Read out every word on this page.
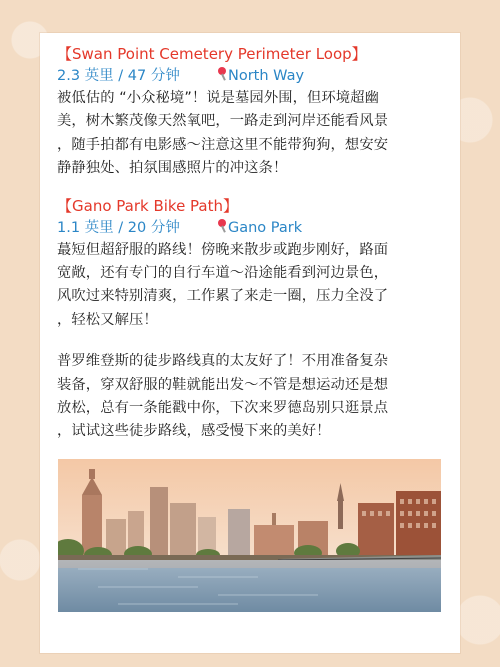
【Swan Point Cemetery Perimeter Loop】

2.3 英里 / 47 分钟	North Way

被低估的 “小众秘境”！说是墓园外围，但环境超幽
美，树木繁茂像天然氧吧，一路走到河岸还能看风景
，随手拍都有电影感～注意这里不能带狗狗，想安安
静静独处、拍氛围感照片的冲这条！

【Gano Park Bike Path】

1.1 英里 / 20 分钟	Gano Park

蕞短但超舒服的路线！傍晚来散步或跑步刚好，路面
宽敞，还有专门的自行车道～沿途能看到河边景色，
风吹过来特别清爽，工作累了来走一圈，压力全没了
，轻松又解压！

普罗维登斯的徒步路线真的太友好了！不用准备复杂
装备，穿双舒服的鞋就能出发～不管是想运动还是想
放松，总有一条能戳中你，下次来罗德岛别只逛景点
，试试这些徒步路线，感受慢下来的美好！
